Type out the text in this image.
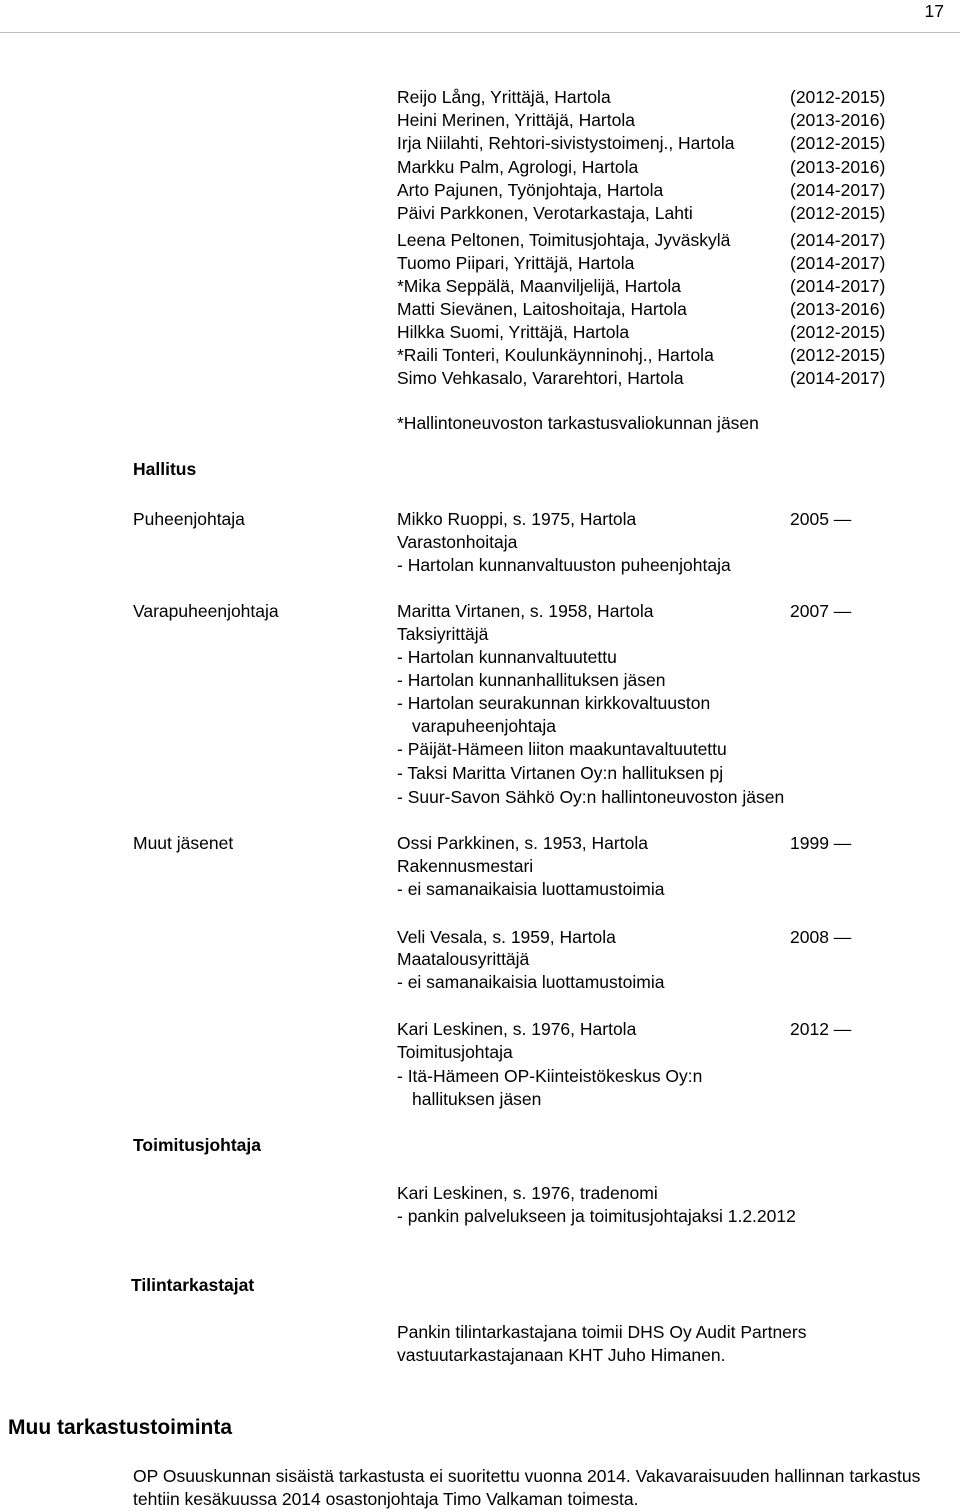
17
Reijo Lång, Yrittäjä, Hartola	(2012-2015)
Heini Merinen, Yrittäjä, Hartola	(2013-2016)
Irja Niilahti, Rehtori-sivistystoimenj., Hartola	(2012-2015)
Markku Palm, Agrologi, Hartola	(2013-2016)
Arto Pajunen, Työnjohtaja, Hartola	(2014-2017)
Päivi Parkkonen, Verotarkastaja, Lahti	(2012-2015)
Leena Peltonen, Toimitusjohtaja, Jyväskylä	(2014-2017)
Tuomo Piipari, Yrittäjä, Hartola	(2014-2017)
*Mika Seppälä, Maanviljelijä, Hartola	(2014-2017)
Matti Sievänen, Laitoshoitaja, Hartola	(2013-2016)
Hilkka Suomi, Yrittäjä, Hartola	(2012-2015)
*Raili Tonteri, Koulunkäynninohj., Hartola	(2012-2015)
Simo Vehkasalo, Vararehtori, Hartola	(2014-2017)
*Hallintoneuvoston tarkastusvaliokunnan jäsen
Hallitus
Puheenjohtaja	Mikko Ruoppi, s. 1975, Hartola	2005 —
Varastonhoitaja
- Hartolan kunnanvaltuuston puheenjohtaja
Varapuheenjohtaja	Maritta Virtanen, s. 1958, Hartola	2007 —
Taksiyrittäjä
- Hartolan kunnanvaltuutettu
- Hartolan kunnanhallituksen jäsen
- Hartolan seurakunnan kirkkovaltuuston
varapuheenjohtaja
- Päijät-Hämeen liiton maakuntavaltuutettu
- Taksi Maritta Virtanen Oy:n hallituksen pj
- Suur-Savon Sähkö Oy:n hallintoneuvoston jäsen
Muut jäsenet	Ossi Parkkinen, s. 1953, Hartola	1999 —
Rakennusmestari
- ei samanaikaisia luottamustoimia
Veli Vesala, s. 1959, Hartola	2008 —
Maatalousyrittäjä
- ei samanaikaisia luottamustoimia
Kari Leskinen, s. 1976, Hartola	2012 —
Toimitusjohtaja
- Itä-Hämeen OP-Kiinteistökeskus Oy:n
hallituksen jäsen
Toimitusjohtaja
Kari Leskinen, s. 1976, tradenomi
- pankin palvelukseen ja toimitusjohtajaksi 1.2.2012
Tilintarkastajat
Pankin tilintarkastajana toimii DHS Oy Audit Partners
vastuutarkastajanaan KHT Juho Himanen.
Muu tarkastustoiminta
OP Osuuskunnan sisäistä tarkastusta ei suoritettu vuonna 2014. Vakavaraisuuden hallinnan tarkastus tehtiin kesäkuussa 2014 osastonjohtaja Timo Valkaman toimesta.
